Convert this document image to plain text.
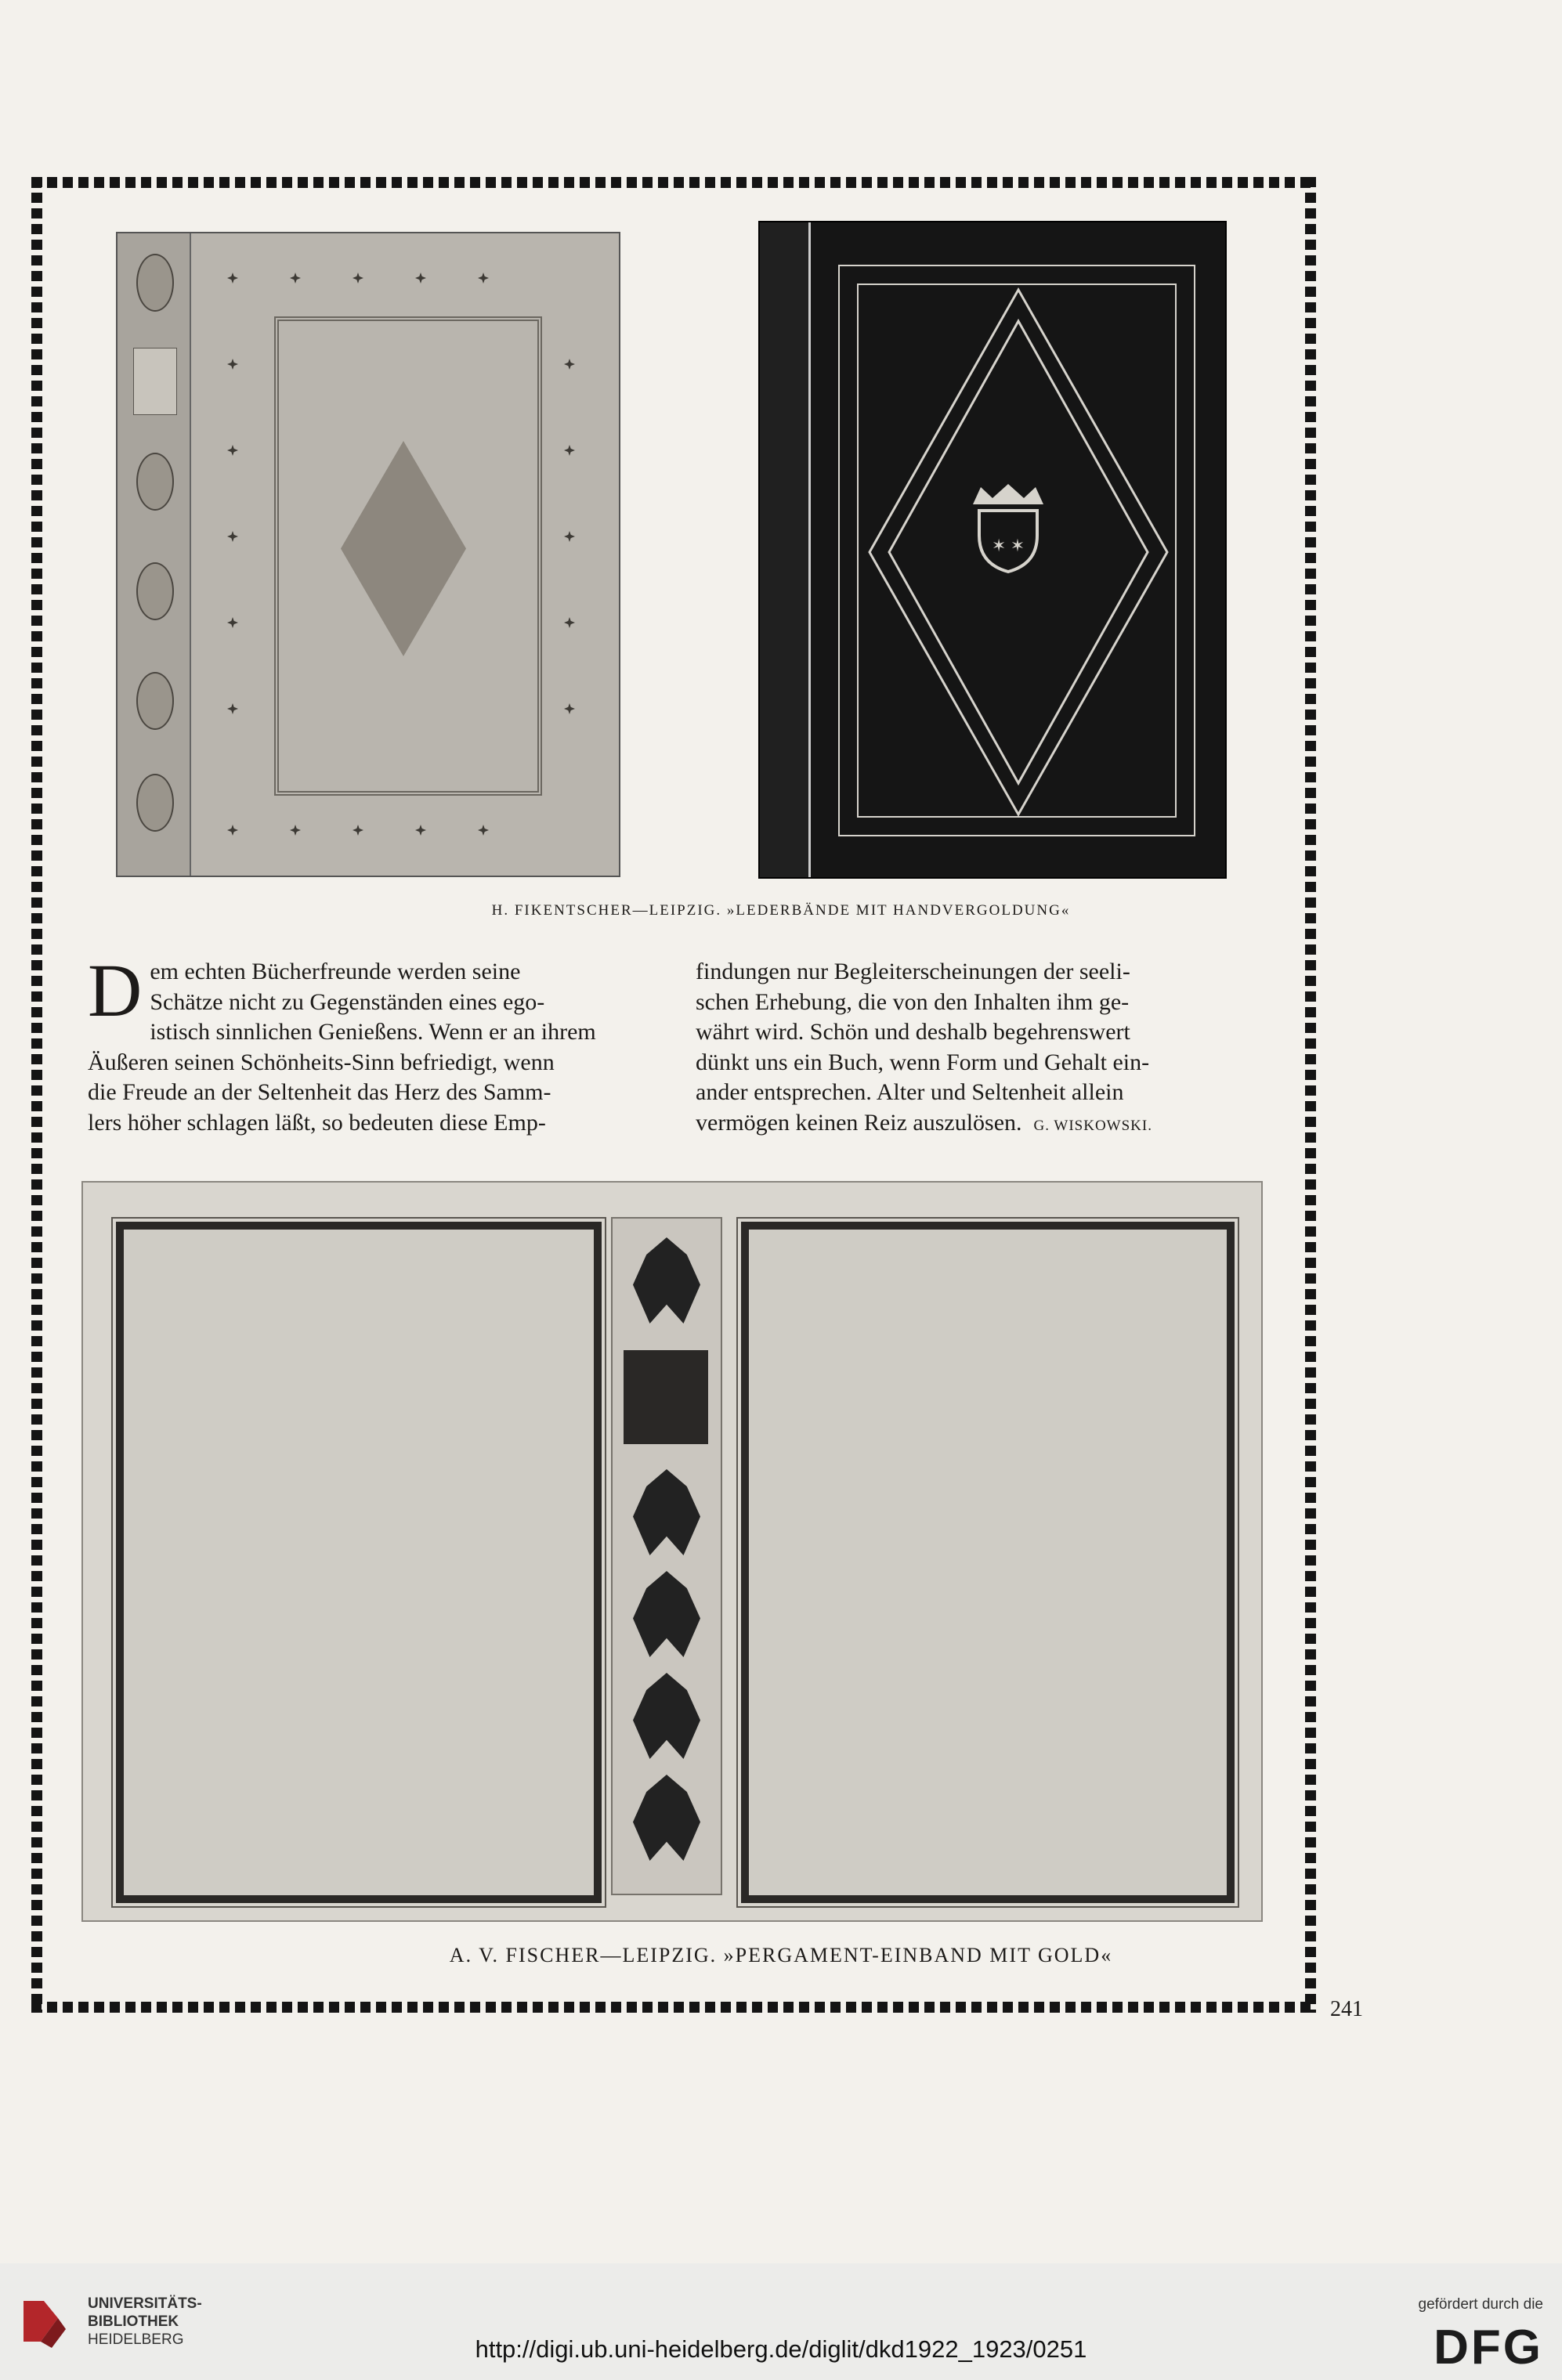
✶ ✶
H. FIKENTSCHER—LEIPZIG. »LEDERBÄNDE MIT HANDVERGOLDUNG«
D em echten Bücherfreunde werden seine

Schätze nicht zu Gegenständen eines ego-

istisch sinnlichen Genießens. Wenn er an ihrem

Äußeren seinen Schönheits-Sinn befriedigt, wenn

die Freude an der Seltenheit das Herz des Samm-

lers höher schlagen läßt, so bedeuten diese Emp-

findungen nur Begleiterscheinungen der seeli-

schen Erhebung, die von den Inhalten ihm ge-

währt wird. Schön und deshalb begehrenswert

dünkt uns ein Buch, wenn Form und Gehalt ein-

ander entsprechen. Alter und Seltenheit allein

vermögen keinen Reiz auszulösen. G. WISKOWSKI.

A. V. FISCHER—LEIPZIG. »PERGAMENT-EINBAND MIT GOLD«
241
UNIVERSITÄTS-
BIBLIOTHEK
HEIDELBERG	http://digi.ub.uni-heidelberg.de/diglit/dkd1922_1923/0251
gefördert durch die
DFG
